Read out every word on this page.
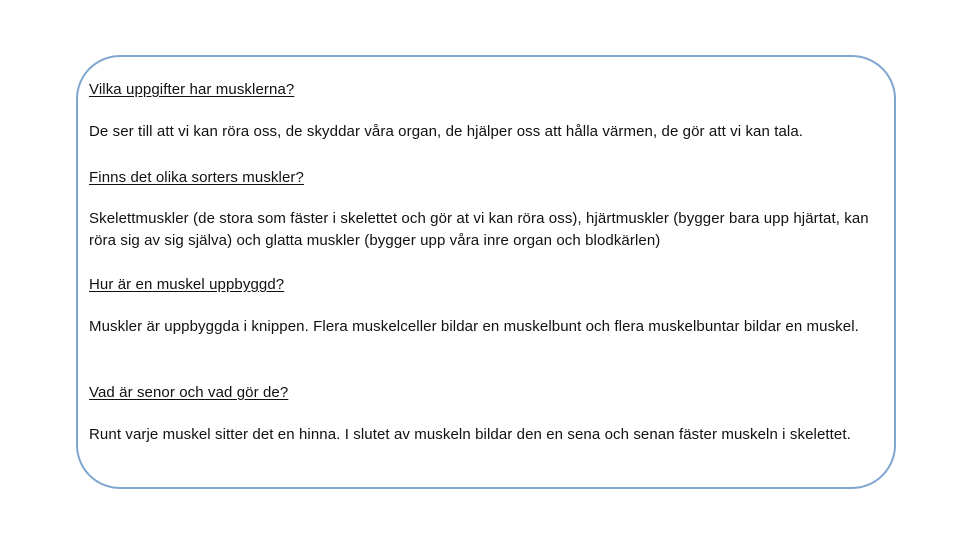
Vilka uppgifter har musklerna?

De ser till att vi kan röra oss, de skyddar våra organ, de hjälper oss att hålla värmen, de gör att vi kan tala.

Finns det olika sorters muskler?

Skelettmuskler (de stora som fäster i skelettet och gör at vi kan röra oss), hjärtmuskler (bygger bara upp hjärtat, kan röra sig av sig själva) och glatta muskler (bygger upp våra inre organ och blodkärlen)

Hur är en muskel uppbyggd?

Muskler är uppbyggda i knippen. Flera muskelceller bildar en muskelbunt och flera muskelbuntar bildar en muskel.

Vad är senor och vad gör de?

Runt varje muskel sitter det en hinna. I slutet av muskeln bildar den en sena och senan fäster muskeln i skelettet.
